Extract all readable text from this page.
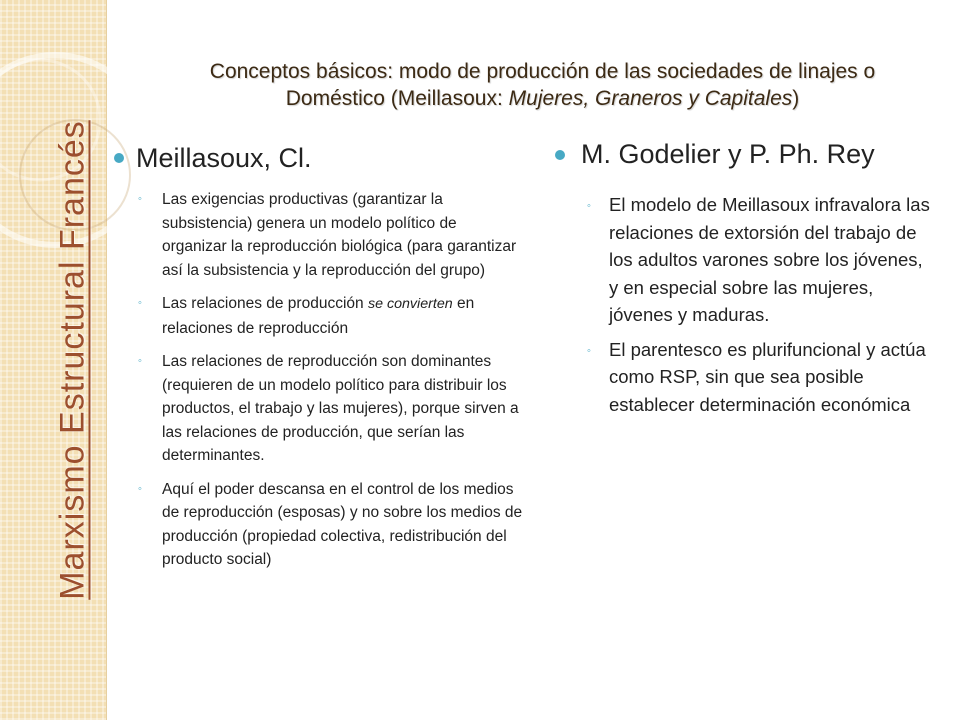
Marxismo Estructural Francés
Conceptos básicos: modo de producción de las sociedades de linajes o
Doméstico (Meillasoux: Mujeres, Graneros y Capitales)
Meillasoux, Cl.
◦ Las exigencias productivas (garantizar la subsistencia) genera un modelo político de organizar la reproducción biológica (para garantizar así la subsistencia y la reproducción del grupo)
◦ Las relaciones de producción se convierten en relaciones de reproducción
◦ Las relaciones de reproducción son dominantes (requieren de un modelo político para distribuir los productos, el trabajo y las mujeres), porque sirven a las relaciones de producción, que serían las determinantes.
◦ Aquí el poder descansa en el control de los medios de reproducción (esposas) y no sobre los medios de producción (propiedad colectiva, redistribución del producto social)
M. Godelier y P. Ph. Rey
◦ El modelo de Meillasoux infravalora las relaciones de extorsión del trabajo de los adultos varones sobre los jóvenes, y en especial sobre las mujeres, jóvenes y maduras.
◦ El parentesco es plurifuncional y actúa como RSP, sin que sea posible establecer determinación económica
